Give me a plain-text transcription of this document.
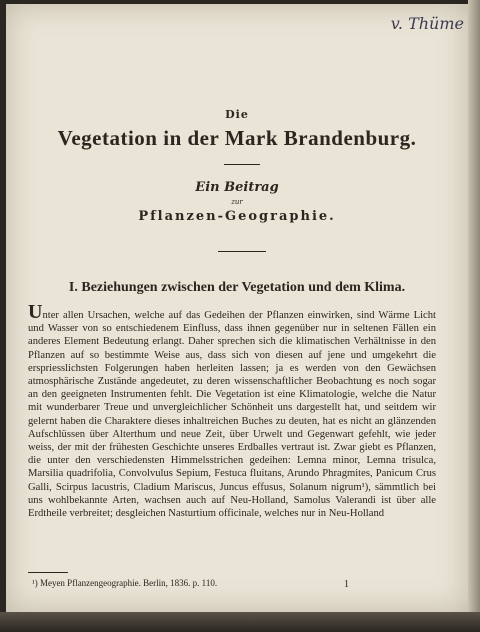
v. Thüme
Die
Vegetation in der Mark Brandenburg.
Ein Beitrag
zur
Pflanzen-Geographie.
I. Beziehungen zwischen der Vegetation und dem Klima.
Unter allen Ursachen, welche auf das Gedeihen der Pflanzen einwirken, sind Wärme Licht und Wasser von so entschiedenem Einfluss, dass ihnen gegenüber nur in seltenen Fällen ein anderes Element Bedeutung erlangt. Daher sprechen sich die klimatischen Verhältnisse in den Pflanzen auf so bestimmte Weise aus, dass sich von diesen auf jene und umgekehrt die erspriesslichsten Folgerungen haben herleiten lassen; ja es werden von den Gewächsen atmosphärische Zustände angedeutet, zu deren wissenschaftlicher Beobachtung es noch sogar an den geeigneten Instrumenten fehlt. Die Vegetation ist eine Klimatologie, welche die Natur mit wunderbarer Treue und unvergleichlicher Schönheit uns dargestellt hat, und seitdem wir gelernt haben die Charaktere dieses inhaltreichen Buches zu deuten, hat es nicht an glänzenden Aufschlüssen über Alterthum und neue Zeit, über Urwelt und Gegenwart gefehlt, wie jeder weiss, der mit der frühesten Geschichte unseres Erdballes vertraut ist. Zwar giebt es Pflanzen, die unter den verschiedensten Himmelsstrichen gedeihen: Lemna minor, Lemna trisulca, Marsilia quadrifolia, Convolvulus Sepium, Festuca fluitans, Arundo Phragmites, Panicum Crus Galli, Scirpus lacustris, Cladium Mariscus, Juncus effusus, Solanum nigrum¹), sämmtlich bei uns wohlbekannte Arten, wachsen auch auf Neu-Holland, Samolus Valerandi ist über alle Erdtheile verbreitet; desgleichen Nasturtium officinale, welches nur in Neu-Holland
¹) Meyen Pflanzengeographie. Berlin, 1836. p. 110.	1
